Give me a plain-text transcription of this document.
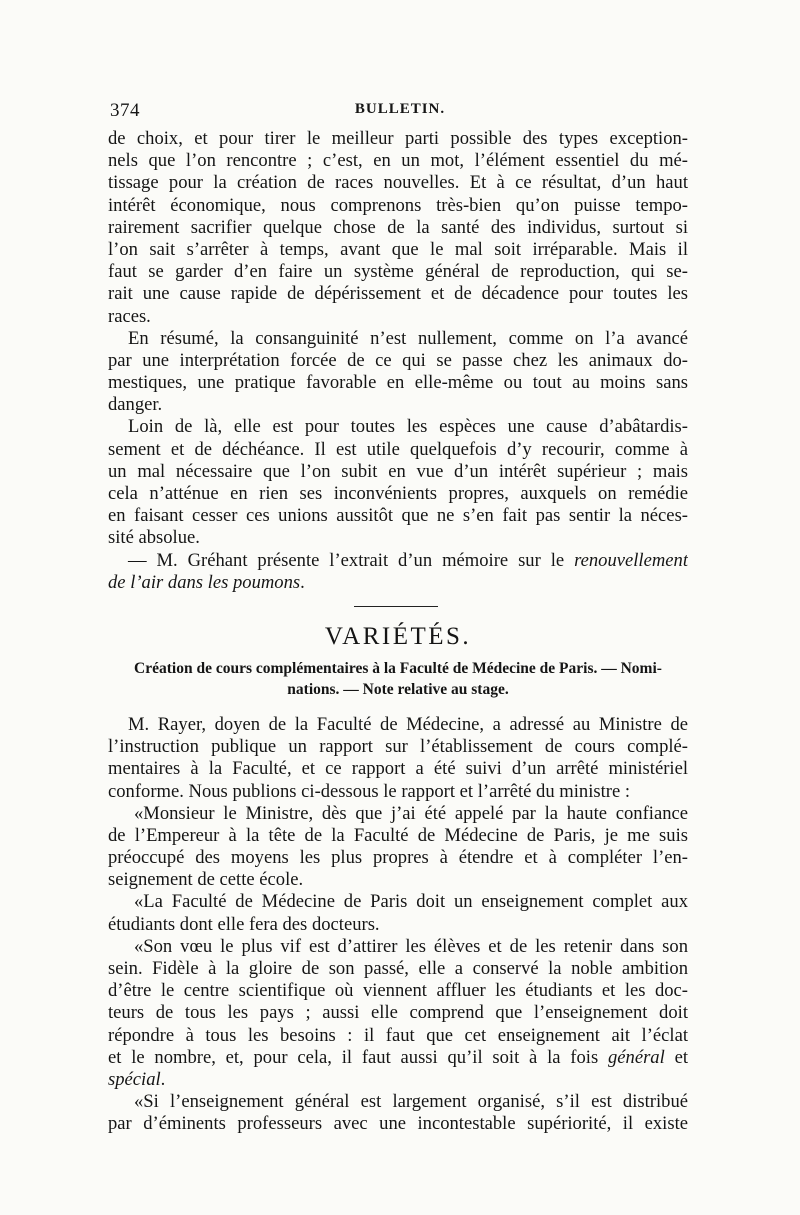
374	BULLETIN.
de choix, et pour tirer le meilleur parti possible des types exception-
nels que l’on rencontre ; c’est, en un mot, l’élément essentiel du mé-
tissage pour la création de races nouvelles. Et à ce résultat, d’un haut
intérêt économique, nous comprenons très-bien qu’on puisse tempo-
rairement sacrifier quelque chose de la santé des individus, surtout si
l’on sait s’arrêter à temps, avant que le mal soit irréparable. Mais il
faut se garder d’en faire un système général de reproduction, qui se-
rait une cause rapide de dépérissement et de décadence pour toutes les
races.
En résumé, la consanguinité n’est nullement, comme on l’a avancé
par une interprétation forcée de ce qui se passe chez les animaux do-
mestiques, une pratique favorable en elle-même ou tout au moins sans
danger.
Loin de là, elle est pour toutes les espèces une cause d’abâtardis-
sement et de déchéance. Il est utile quelquefois d’y recourir, comme à
un mal nécessaire que l’on subit en vue d’un intérêt supérieur ; mais
cela n’atténue en rien ses inconvénients propres, auxquels on remédie
en faisant cesser ces unions aussitôt que ne s’en fait pas sentir la néces-
sité absolue.
— M. Gréhant présente l’extrait d’un mémoire sur le renouvellement
de l’air dans les poumons.
VARIÉTÉS.
Création de cours complémentaires à la Faculté de Médecine de Paris. — Nomi-
nations. — Note relative au stage.
M. Rayer, doyen de la Faculté de Médecine, a adressé au Ministre de
l’instruction publique un rapport sur l’établissement de cours complé-
mentaires à la Faculté, et ce rapport a été suivi d’un arrêté ministériel
conforme. Nous publions ci-dessous le rapport et l’arrêté du ministre :
«Monsieur le Ministre, dès que j’ai été appelé par la haute confiance
de l’Empereur à la tête de la Faculté de Médecine de Paris, je me suis
préoccupé des moyens les plus propres à étendre et à compléter l’en-
seignement de cette école.
«La Faculté de Médecine de Paris doit un enseignement complet aux
étudiants dont elle fera des docteurs.
«Son vœu le plus vif est d’attirer les élèves et de les retenir dans son
sein. Fidèle à la gloire de son passé, elle a conservé la noble ambition
d’être le centre scientifique où viennent affluer les étudiants et les doc-
teurs de tous les pays ; aussi elle comprend que l’enseignement doit
répondre à tous les besoins : il faut que cet enseignement ait l’éclat
et le nombre, et, pour cela, il faut aussi qu’il soit à la fois général et
spécial.
«Si l’enseignement général est largement organisé, s’il est distribué
par d’éminents professeurs avec une incontestable supériorité, il existe
